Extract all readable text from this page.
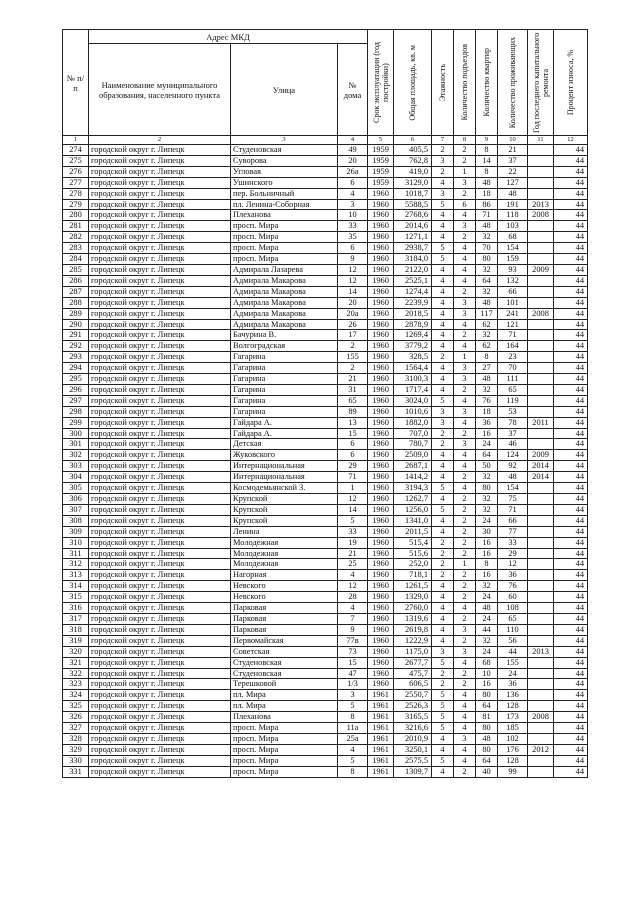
№ п/п	Адрес МКД			Срок эксплуатации (год постройки)	Общая площадь, кв. м	Этажность	Количество подъездов	Количество квартир	Количество проживающих	Год последнего капитального ремонта	Процент износа, %

	Наименование муниципального образования, населенного пункта	Улица	№ дома								
1	2	3	4	5	6	7	8	9	10	11	12
274	городской округ г. Липецк	Студеновская	49	1959	405,5	2	2	8	21		44
275	городской округ г. Липецк	Суворова	20	1959	762,8	3	2	14	37		44
276	городской округ г. Липецк	Угловая	26а	1959	419,0	2	1	8	22		44
277	городской округ г. Липецк	Ушинского	6	1959	3129,0	4	3	48	127		44
278	городской округ г. Липецк	пер. Больничный	4	1960	1018,7	3	2	18	48		44
279	городской округ г. Липецк	пл. Ленина-Соборная	3	1960	5588,5	5	6	86	191	2013	44
280	городской округ г. Липецк	Плеханова	10	1960	2768,6	4	4	71	118	2008	44
281	городской округ г. Липецк	просп. Мира	33	1960	2014,6	4	3	48	103		44
282	городской округ г. Липецк	просп. Мира	35	1960	1271,1	4	2	32	68		44
283	городской округ г. Липецк	просп. Мира	6	1960	2938,7	5	4	70	154		44
284	городской округ г. Липецк	просп. Мира	9	1960	3184,0	5	4	80	159		44
285	городской округ г. Липецк	Адмирала Лазарева	12	1960	2122,0	4	4	32	93	2009	44
286	городской округ г. Липецк	Адмирала Макарова	12	1960	2525,1	4	4	64	132		44
287	городской округ г. Липецк	Адмирала Макарова	14	1960	1274,4	4	2	32	66		44
288	городской округ г. Липецк	Адмирала Макарова	20	1960	2239,9	4	3	48	101		44
289	городской округ г. Липецк	Адмирала Макарова	20а	1960	2018,5	4	3	117	241	2008	44
290	городской округ г. Липецк	Адмирала Макарова	26	1960	2878,9	4	4	62	121		44
291	городской округ г. Липецк	Бачурина В.	17	1960	1269,4	4	2	32	71		44
292	городской округ г. Липецк	Волгоградская	2	1960	3779,2	4	4	62	164		44
293	городской округ г. Липецк	Гагарина	155	1960	328,5	2	1	8	23		44
294	городской округ г. Липецк	Гагарина	2	1960	1564,4	4	3	27	70		44
295	городской округ г. Липецк	Гагарина	21	1960	3100,3	4	3	48	111		44
296	городской округ г. Липецк	Гагарина	31	1960	1717,4	4	2	32	65		44
297	городской округ г. Липецк	Гагарина	65	1960	3024,0	5	4	76	119		44
298	городской округ г. Липецк	Гагарина	89	1960	1010,6	3	3	18	53		44
299	городской округ г. Липецк	Гайдара А.	13	1960	1882,0	3	4	36	78	2011	44
300	городской округ г. Липецк	Гайдара А.	15	1960	707,0	2	2	16	37		44
301	городской округ г. Липецк	Детская	6	1960	780,7	2	3	24	46		44
302	городской округ г. Липецк	Жуковского	6	1960	2509,0	4	4	64	124	2009	44
303	городской округ г. Липецк	Интернациональная	29	1960	2687,1	4	4	50	92	2014	44
304	городской округ г. Липецк	Интернациональная	71	1960	1414,2	4	2	32	48	2014	44
305	городской округ г. Липецк	Космодемьянской З.	1	1960	3194,3	5	4	80	154		44
306	городской округ г. Липецк	Крупской	12	1960	1262,7	4	2	32	75		44
307	городской округ г. Липецк	Крупской	14	1960	1256,0	5	2	32	71		44
308	городской округ г. Липецк	Крупской	5	1960	1341,0	4	2	24	66		44
309	городской округ г. Липецк	Ленина	33	1960	2011,5	4	2	30	77		44
310	городской округ г. Липецк	Молодежная	19	1960	515,4	2	2	16	33		44
311	городской округ г. Липецк	Молодежная	21	1960	515,6	2	2	16	29		44
312	городской округ г. Липецк	Молодежная	25	1960	252,0	2	1	8	12		44
313	городской округ г. Липецк	Нагорная	4	1960	718,1	2	2	16	36		44
314	городской округ г. Липецк	Невского	12	1960	1261,5	4	2	32	76		44
315	городской округ г. Липецк	Невского	28	1960	1329,0	4	2	24	60		44
316	городской округ г. Липецк	Парковая	4	1960	2760,0	4	4	48	108		44
317	городской округ г. Липецк	Парковая	7	1960	1319,6	4	2	24	65		44
318	городской округ г. Липецк	Парковая	9	1960	2619,8	4	3	44	110		44
319	городской округ г. Липецк	Первомайская	77в	1960	1222,9	4	2	32	56		44
320	городской округ г. Липецк	Советская	73	1960	1175,0	3	3	24	44	2013	44
321	городской округ г. Липецк	Студеновская	15	1960	2677,7	5	4	68	155		44
322	городской округ г. Липецк	Студеновская	47	1960	475,7	2	2	10	24		44
323	городской округ г. Липецк	Терешковой	1/3	1960	606,5	2	2	16	36		44
324	городской округ г. Липецк	пл. Мира	3	1961	2550,7	5	4	80	136		44
325	городской округ г. Липецк	пл. Мира	5	1961	2526,3	5	4	64	128		44
326	городской округ г. Липецк	Плеханова	8	1961	3165,5	5	4	81	173	2008	44
327	городской округ г. Липецк	просп. Мира	11а	1961	3216,6	5	4	80	185		44
328	городской округ г. Липецк	просп. Мира	25а	1961	2010,9	4	3	48	102		44
329	городской округ г. Липецк	просп. Мира	4	1961	3250,1	4	4	80	176	2012	44
330	городской округ г. Липецк	просп. Мира	5	1961	2575,5	5	4	64	128		44
331	городской округ г. Липецк	просп. Мира	8	1961	1309,7	4	2	40	99		44
